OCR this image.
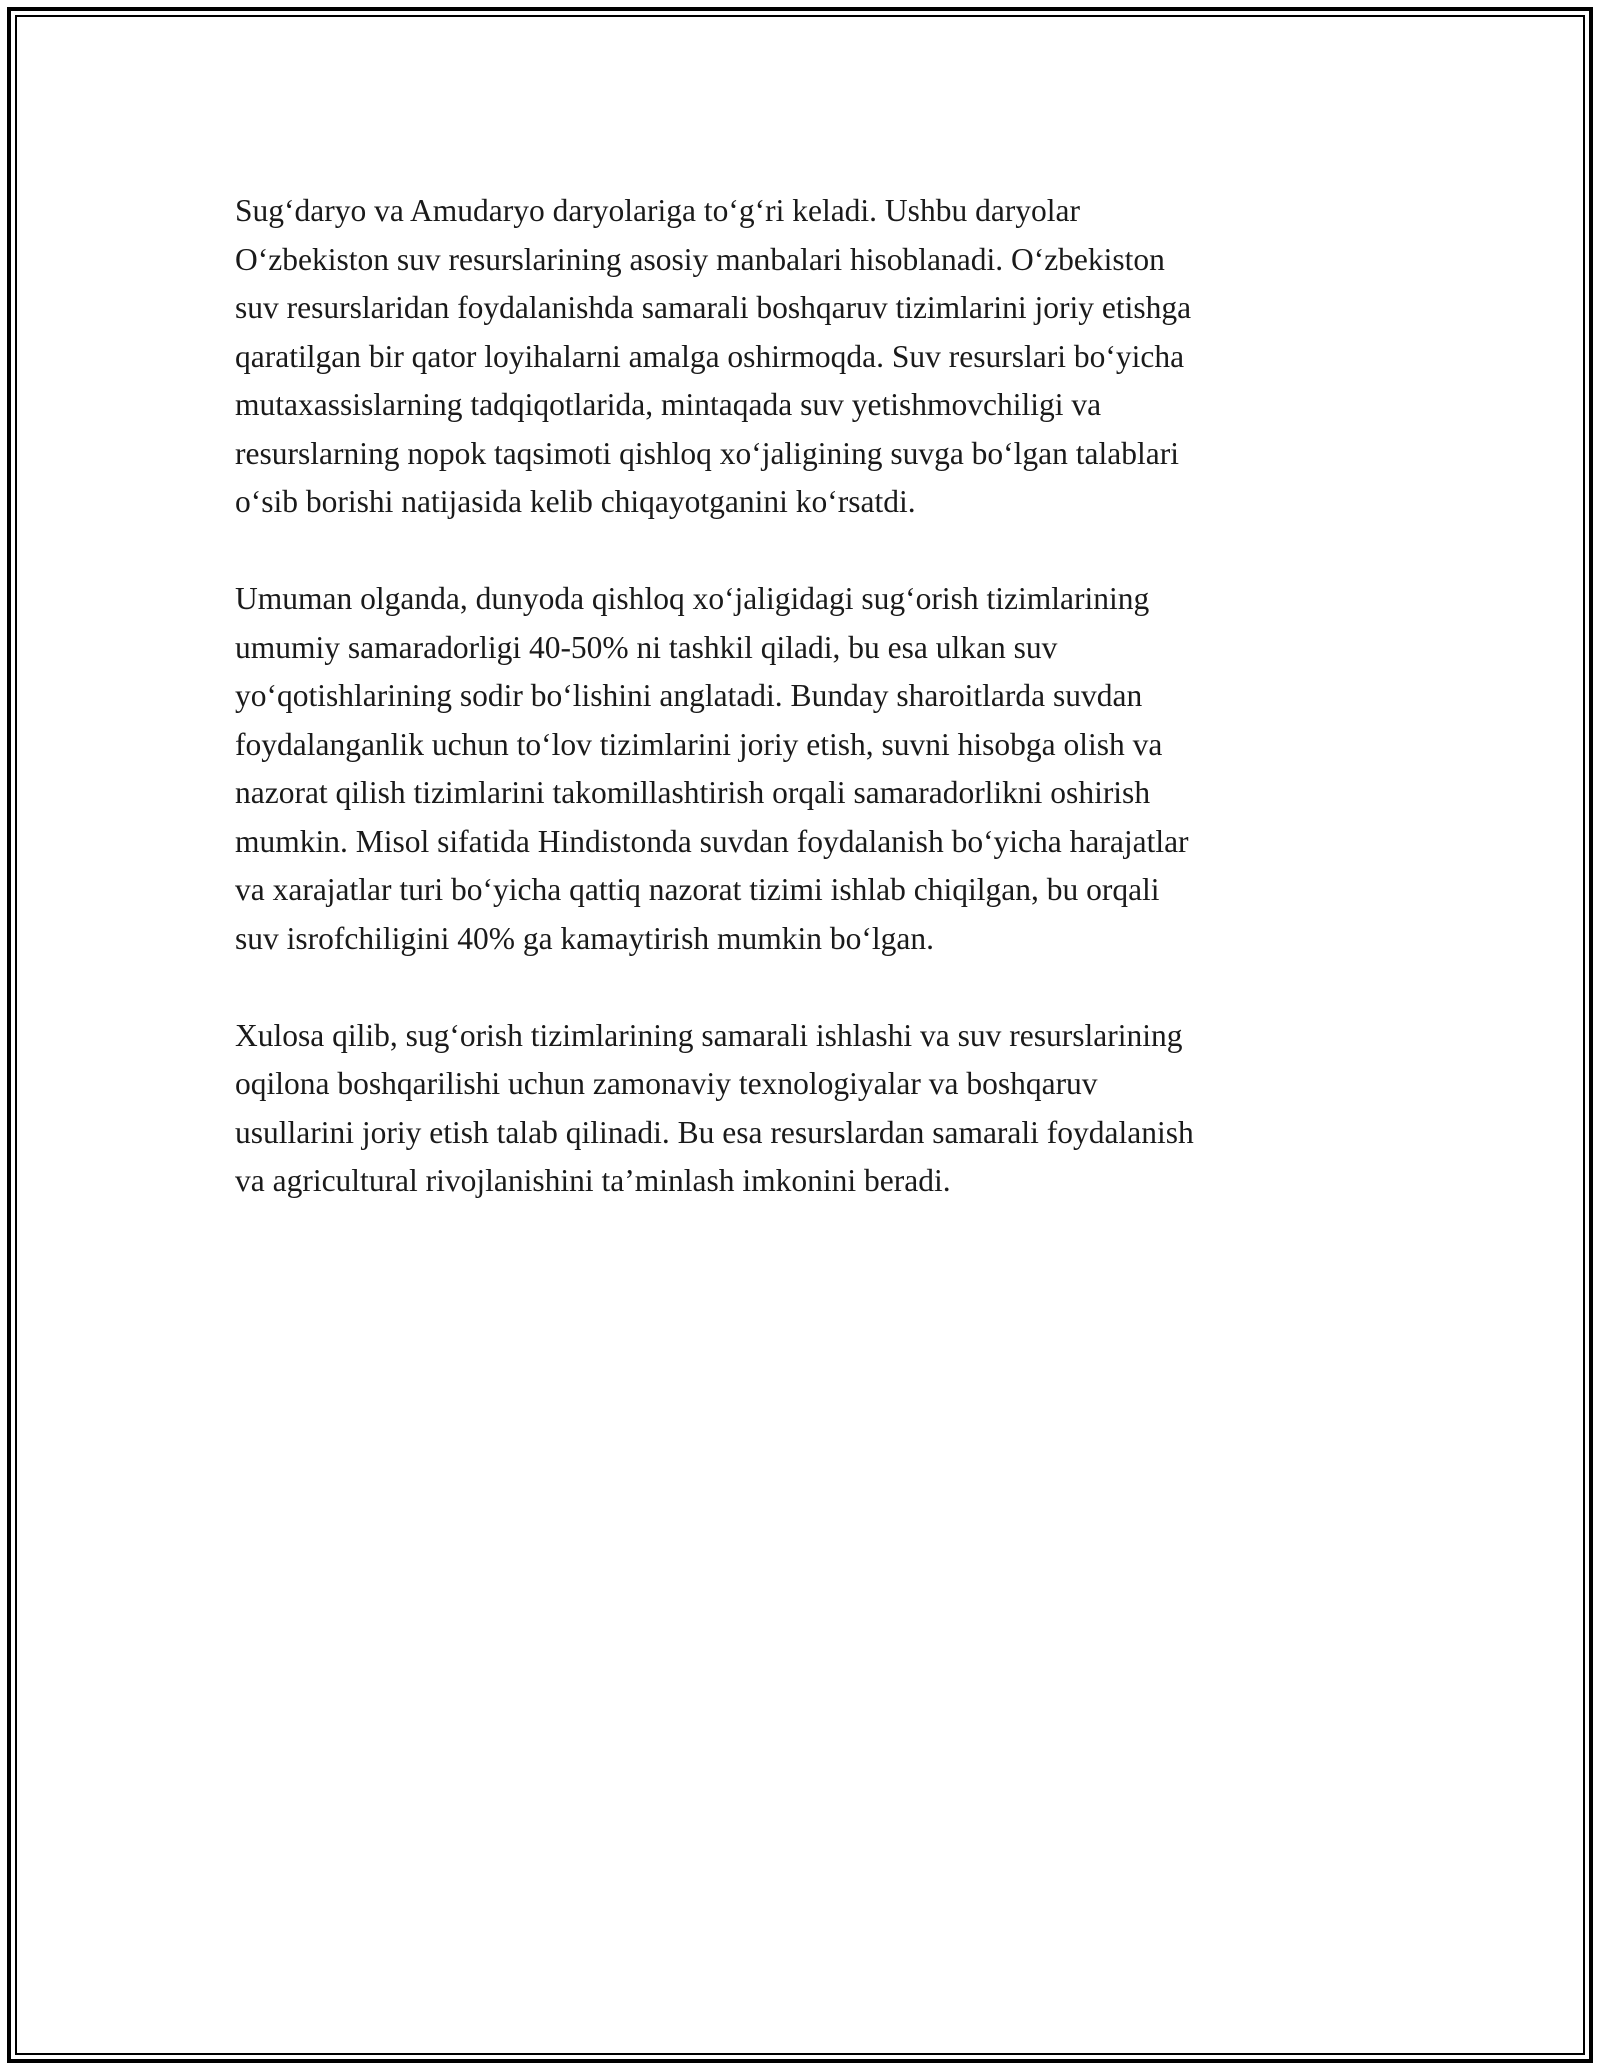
Sug‘daryo va Amudaryo daryolariga to‘g‘ri keladi. Ushbu daryolar
O‘zbekiston suv resurslarining asosiy manbalari hisoblanadi. O‘zbekiston
suv resurslaridan foydalanishda samarali boshqaruv tizimlarini joriy etishga
qaratilgan bir qator loyihalarni amalga oshirmoqda. Suv resurslari bo‘yicha
mutaxassislarning tadqiqotlarida, mintaqada suv yetishmovchiligi va
resurslarning nopok taqsimoti qishloq xo‘jaligining suvga bo‘lgan talablari
o‘sib borishi natijasida kelib chiqayotganini ko‘rsatdi.

Umuman olganda, dunyoda qishloq xo‘jaligidagi sug‘orish tizimlarining
umumiy samaradorligi 40-50% ni tashkil qiladi, bu esa ulkan suv
yo‘qotishlarining sodir bo‘lishini anglatadi. Bunday sharoitlarda suvdan
foydalanganlik uchun to‘lov tizimlarini joriy etish, suvni hisobga olish va
nazorat qilish tizimlarini takomillashtirish orqali samaradorlikni oshirish
mumkin. Misol sifatida Hindistonda suvdan foydalanish bo‘yicha harajatlar
va xarajatlar turi bo‘yicha qattiq nazorat tizimi ishlab chiqilgan, bu orqali
suv isrofchiligini 40% ga kamaytirish mumkin bo‘lgan.

Xulosa qilib, sug‘orish tizimlarining samarali ishlashi va suv resurslarining
oqilona boshqarilishi uchun zamonaviy texnologiyalar va boshqaruv
usullarini joriy etish talab qilinadi. Bu esa resurslardan samarali foydalanish
va agricultural rivojlanishini ta’minlash imkonini beradi.
